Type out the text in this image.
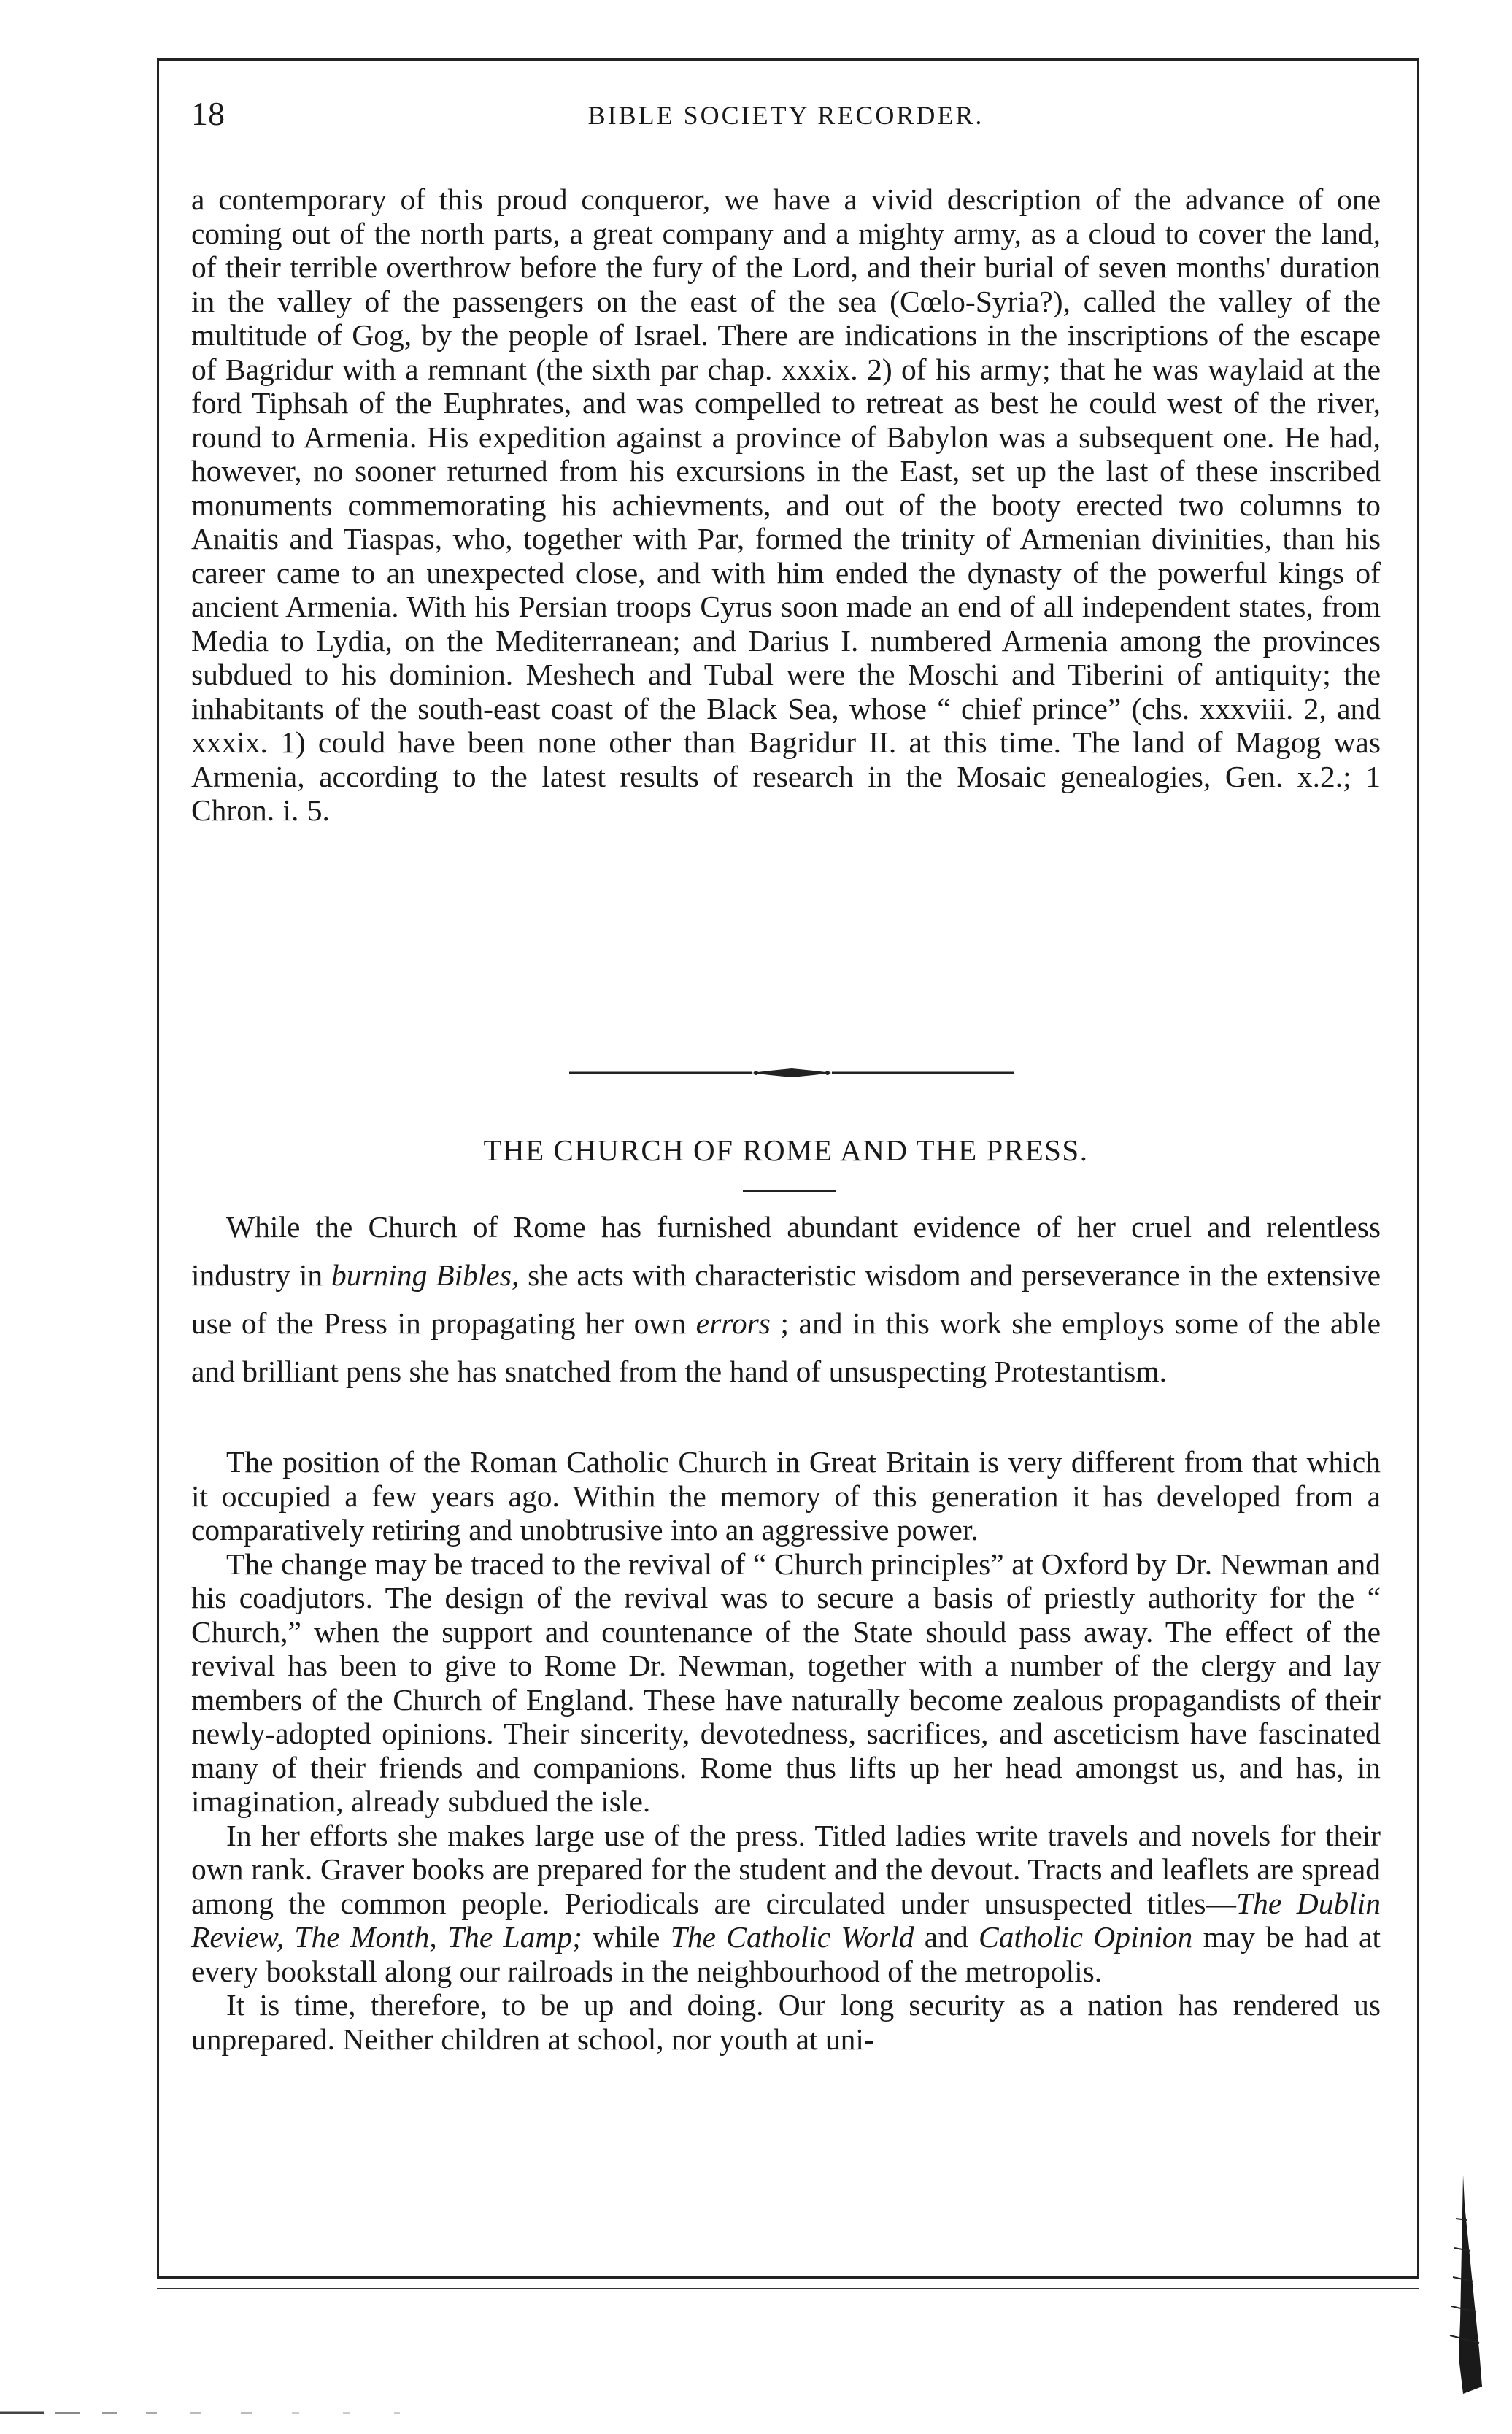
18	BIBLE SOCIETY RECORDER.

a contemporary of this proud conqueror, we have a vivid description of the advance of one coming out of the north parts, a great company and a mighty army, as a cloud to cover the land, of their terrible overthrow before the fury of the Lord, and their burial of seven months' duration in the valley of the passengers on the east of the sea (Cœlo-Syria?), called the valley of the multitude of Gog, by the people of Israel. There are indications in the inscriptions of the escape of Bagridur with a remnant (the sixth par chap. xxxix. 2) of his army; that he was waylaid at the ford Tiphsah of the Euphrates, and was compelled to retreat as best he could west of the river, round to Armenia. His expedition against a province of Babylon was a subsequent one. He had, however, no sooner returned from his excursions in the East, set up the last of these inscribed monuments commemorating his achievments, and out of the booty erected two columns to Anaitis and Tiaspas, who, together with Par, formed the trinity of Armenian divinities, than his career came to an unexpected close, and with him ended the dynasty of the powerful kings of ancient Armenia. With his Persian troops Cyrus soon made an end of all independent states, from Media to Lydia, on the Mediterranean; and Darius I. numbered Armenia among the provinces subdued to his dominion. Meshech and Tubal were the Moschi and Tiberini of antiquity; the inhabitants of the south-east coast of the Black Sea, whose “ chief prince” (chs. xxxviii. 2, and xxxix. 1) could have been none other than Bagridur II. at this time. The land of Magog was Armenia, according to the latest results of research in the Mosaic genealogies, Gen. x.2.; 1 Chron. i. 5.

THE CHURCH OF ROME AND THE PRESS.

While the Church of Rome has furnished abundant evidence of her cruel and relentless industry in burning Bibles, she acts with characteristic wisdom and perseverance in the extensive use of the Press in propagating her own errors ; and in this work she employs some of the able and brilliant pens she has snatched from the hand of unsuspecting Protestantism.

The position of the Roman Catholic Church in Great Britain is very different from that which it occupied a few years ago. Within the memory of this generation it has developed from a comparatively retiring and unobtrusive into an aggressive power.

The change may be traced to the revival of “ Church principles” at Oxford by Dr. Newman and his coadjutors. The design of the revival was to secure a basis of priestly authority for the “ Church,” when the support and countenance of the State should pass away. The effect of the revival has been to give to Rome Dr. Newman, together with a number of the clergy and lay members of the Church of England. These have naturally become zealous propagandists of their newly-adopted opinions. Their sincerity, devotedness, sacrifices, and asceticism have fascinated many of their friends and companions. Rome thus lifts up her head amongst us, and has, in imagination, already subdued the isle.

In her efforts she makes large use of the press. Titled ladies write travels and novels for their own rank. Graver books are prepared for the student and the devout. Tracts and leaflets are spread among the common people. Periodicals are circulated under unsuspected titles—The Dublin Review, The Month, The Lamp; while The Catholic World and Catholic Opinion may be had at every bookstall along our railroads in the neighbourhood of the metropolis.

It is time, therefore, to be up and doing. Our long security as a nation has rendered us unprepared. Neither children at school, nor youth at uni-
